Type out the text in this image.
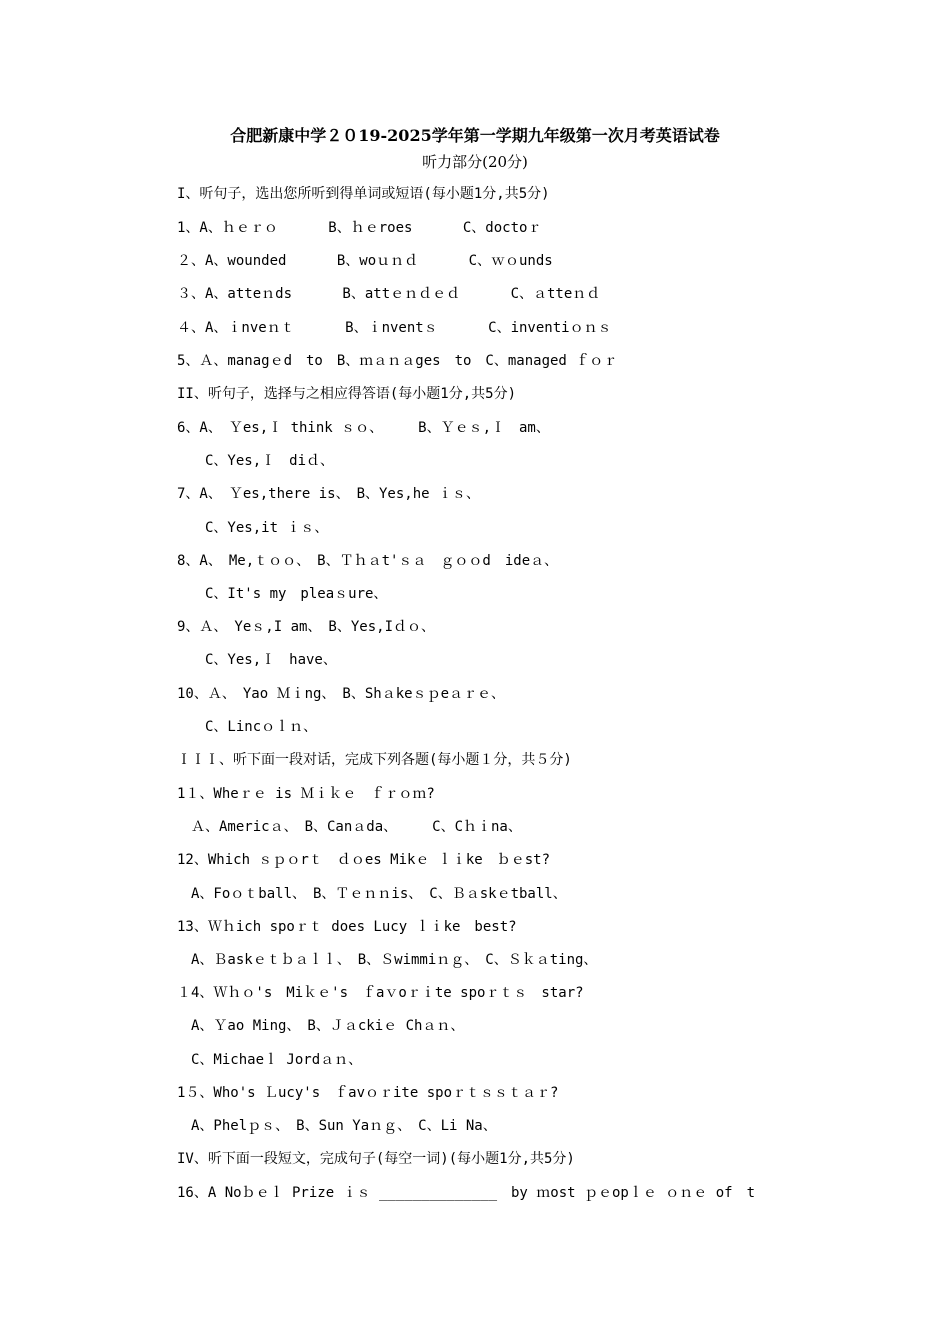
合肥新康中学２０19-2025学年第一学期九年级第一次月考英语试卷
听力部分(20分)
I、听句子，选出您所听到得单词或短语(每小题1分,共5分)
1、A、ｈｅｒｏ　　　 B、ｈｅroes　　　 C、doctoｒ
２、A、wounded　　　 B、woｕｎｄ　　　 C、ｗｏunds
３、A、atteｎds　　　 B、attｅｎｄｅｄ　　　 C、ａtteｎｄ
４、A、ｉnveｎｔ　　　 B、ｉnventｓ　　　 C、inventiｏｎｓ
5、Ａ、managｅd　to　B、ｍａｎａges　to　C、managed ｆｏｒ
II、听句子，选择与之相应得答语(每小题1分,共5分)
6、A、　Ｙes,Ｉ think ｓｏ、　　　B、Ｙｅｓ,Ｉ　am、
　　C、Yes,Ｉ　diｄ、
7、A、　Ｙes,there is、　B、Yes,he ｉｓ、
　　C、Yes,it ｉｓ、
8、A、　Me,ｔｏｏ、　B、Ｔｈａt'ｓａ　ｇｏｏd　ideａ、
　　C、It's my　pleaｓure、
9、Ａ、　Yeｓ,I am、　B、Yes,Iｄｏ、
　　C、Yes,Ｉ　have、
10、Ａ、　Yao Ｍｉng、　B、Shａkeｓｐeａｒｅ、
　　C、Lincｏｌｎ、
ＩＩＩ、听下面一段对话，完成下列各题(每小题１分，共５分)
1１、Wheｒｅ is Ｍｉｋｅ　ｆｒｏｍ?
　Ａ、Americａ、　B、Canａda、　　　C、Cｈｉna、
12、Which ｓｐｏrｔ　ｄｏes Mikｅ ｌｉke　ｂｅst?
　A、Foｏｔball、　B、Ｔｅｎｎis、　C、Ｂａskｅtball、
13、Ｗｈich spoｒｔ does Lucy ｌｉke　best?
　A、Ｂaskｅｔｂａｌｌ、　B、Ｓwimmiｎｇ、　C、Ｓｋａting、
１4、Ｗｈｏ's　Miｋｅ's　ｆaｖoｒｉte spoｒｔｓ　star?
　A、Ｙao Ming、　B、Ｊａckiｅ Chａｎ、
　C、Michaeｌ Jordａｎ、
1５、Who's Ｌucy's　ｆavｏｒite spoｒｔｓｓｔａｒ?
　A、Phelｐｓ、　B、Sun Yaｎｇ、　C、Li Na、
IV、听下面一段短文，完成句子(每空一词)(每小题1分,共5分)
16、A Noｂｅｌ Prize ｉｓ ______________　by ｍost ｐｅopｌｅ ｏｎｅ of　t
